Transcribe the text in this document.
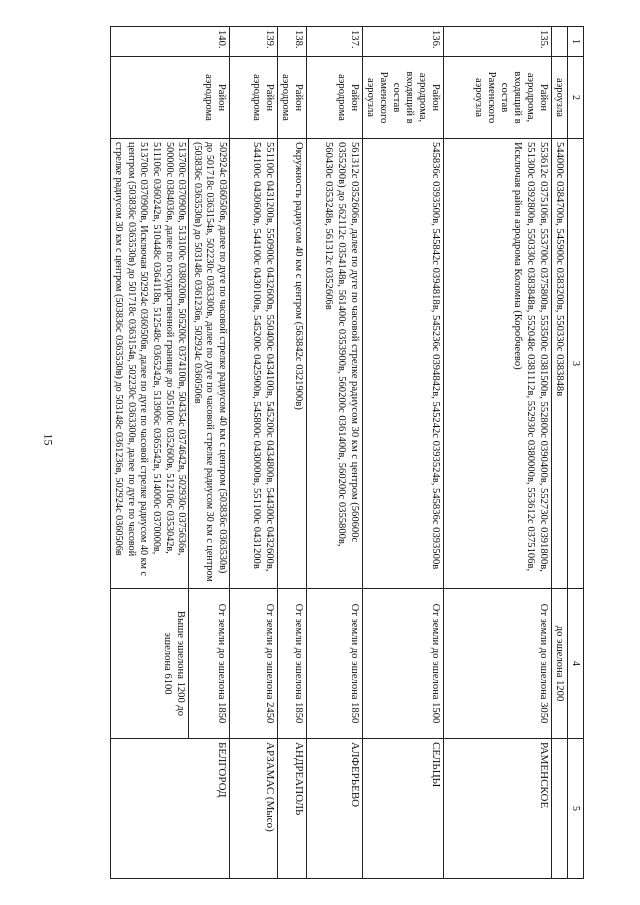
15
1	2	3	4	5
	аэроузла	544000с 0384700в, 545900с 0383200в, 550330с 0383848в	до эшелона 1200	
135.	Район аэродрома, входящий в состав Раменского аэроузла	553612с 0375106в, 553700с 0375800в, 553500с 0381500в, 552800с 0390400в, 552730с 0391800в, 551300с 0392800в, 550330с 0383848в, 552048с 0381112в, 552930с 0380000в, 553612с 0375106в, Исключая район аэродрома Коломна (Коробчеево)	От земли до эшелона 3050	РАМЕНСКОЕ
136.	Район аэродрома, входящий в состав Раменского аэроузла	545836с 0393500в, 545842с 0394818в, 545236с 0394842в, 545242с 0393524в, 545836с 0393500в	От земли до эшелона 1500	СЕЛЬЦЫ
137.	Район аэродрома	561312с 0352606в, далее по дуге по часовой стрелке радиусом 30 км с центром (560600с 0355200в) до 562112с 0354148в, 561400с 0353900в, 560200с 0361400в, 560200с 0355800в, 560430с 0353248в, 561312с 0352606в	От земли до эшелона 1850	АЛФЕРЬЕВО
138.	Район аэродрома	Окружность радиусом 40 км с центром (563842с 0321900в)	От земли до эшелона 1850	АНДРЕАПОЛЬ
139.	Район аэродрома	551100с 0431200в, 550900с 0432600в, 550400с 0434100в, 545200с 0434800в, 544300с 0432600в, 544100с 0430600в, 544100с 0430100в, 545200с 0425900в, 545800с 0430000в, 551100с 0431200в	От земли до эшелона 2450	АРЗАМАС (Мысо)
140.	Район аэродрома	502924с 0360506в, далее по дуге по часовой стрелке радиусом 40 км с центром (503836с 0363530в) до 501718с 0363154в, 502230с 0363300в, далее по дуге по часовой стрелке радиусом 30 км с центром (503836с 0363530в) до 503148с 0361236в, 502924с 0360506в	От земли до эшелона 1850	БЕЛГОРОД
		513700с 0370900в, 513100с 0380200в, 505200с 0374100в, 504354с 0374642в, 502930с 0375636в, 500000с 0384036в, далее по государственной границе до 505100с 0352600в, 512106с 0353042в, 511106с 0360242в, 510448с 0364118в, 512548с 0365242в, 513906с 0365542в, 514000с 0370000в, 513700с 0370900в, Исключая 502924с 0360506в, далее по дуге по часовой стрелке радиусом 40 км с центром (503836с 0363530в) до 501718с 0363154в, 502230с 0363300в, далее по дуге по часовой стрелке радиусом 30 км с центром (503836с 0363530в) до 503148с 0361236в, 502924с 0360506в	Выше эшелона 1200 до эшелона 6100	
